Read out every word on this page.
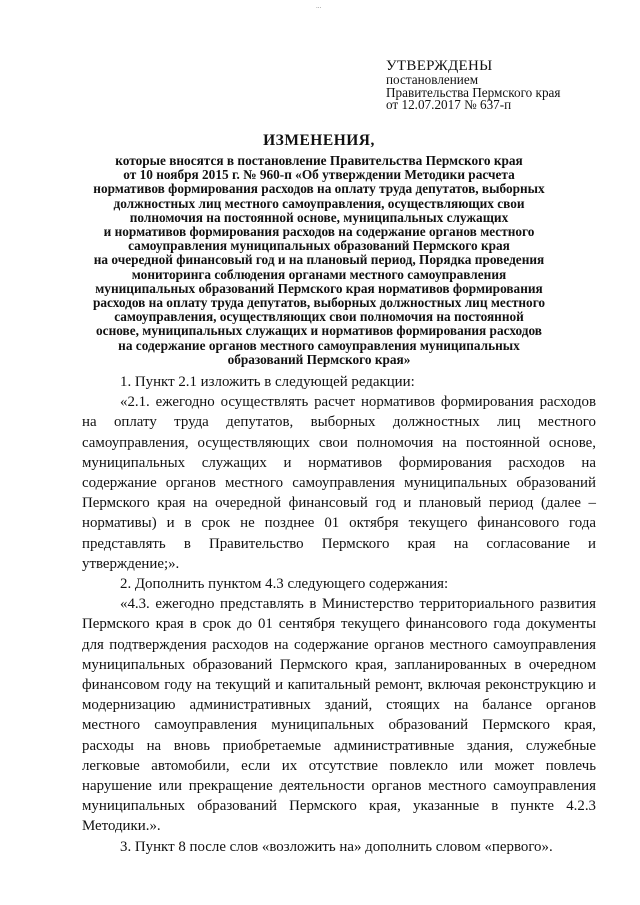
...
УТВЕРЖДЕНЫ
постановлением
Правительства Пермского края
от 12.07.2017 № 637-п
ИЗМЕНЕНИЯ,
которые вносятся в постановление Правительства Пермского края
от 10 ноября 2015 г. № 960-п «Об утверждении Методики расчета
нормативов формирования расходов на оплату труда депутатов, выборных
должностных лиц местного самоуправления, осуществляющих свои
полномочия на постоянной основе, муниципальных служащих
и нормативов формирования расходов на содержание органов местного
самоуправления муниципальных образований Пермского края
на очередной финансовый год и на плановый период, Порядка проведения
мониторинга соблюдения органами местного самоуправления
муниципальных образований Пермского края нормативов формирования
расходов на оплату труда депутатов, выборных должностных лиц местного
самоуправления, осуществляющих свои полномочия на постоянной
основе, муниципальных служащих и нормативов формирования расходов
на содержание органов местного самоуправления муниципальных
образований Пермского края»

1. Пункт 2.1 изложить в следующей редакции:

«2.1. ежегодно осуществлять расчет нормативов формирования расходов на оплату труда депутатов, выборных должностных лиц местного самоуправления, осуществляющих свои полномочия на постоянной основе, муниципальных служащих и нормативов формирования расходов на содержание органов местного самоуправления муниципальных образований Пермского края на очередной финансовый год и плановый период (далее – нормативы) и в срок не позднее 01 октября текущего финансового года представлять в Правительство Пермского края на согласование и утверждение;».

2. Дополнить пунктом 4.3 следующего содержания:

«4.3. ежегодно представлять в Министерство территориального развития Пермского края в срок до 01 сентября текущего финансового года документы для подтверждения расходов на содержание органов местного самоуправления муниципальных образований Пермского края, запланированных в очередном финансовом году на текущий и капитальный ремонт, включая реконструкцию и модернизацию административных зданий, стоящих на балансе органов местного самоуправления муниципальных образований Пермского края, расходы на вновь приобретаемые административные здания, служебные легковые автомобили, если их отсутствие повлекло или может повлечь нарушение или прекращение деятельности органов местного самоуправления муниципальных образований Пермского края, указанные в пункте 4.2.3 Методики.».

3. Пункт 8 после слов «возложить на» дополнить словом «первого».
